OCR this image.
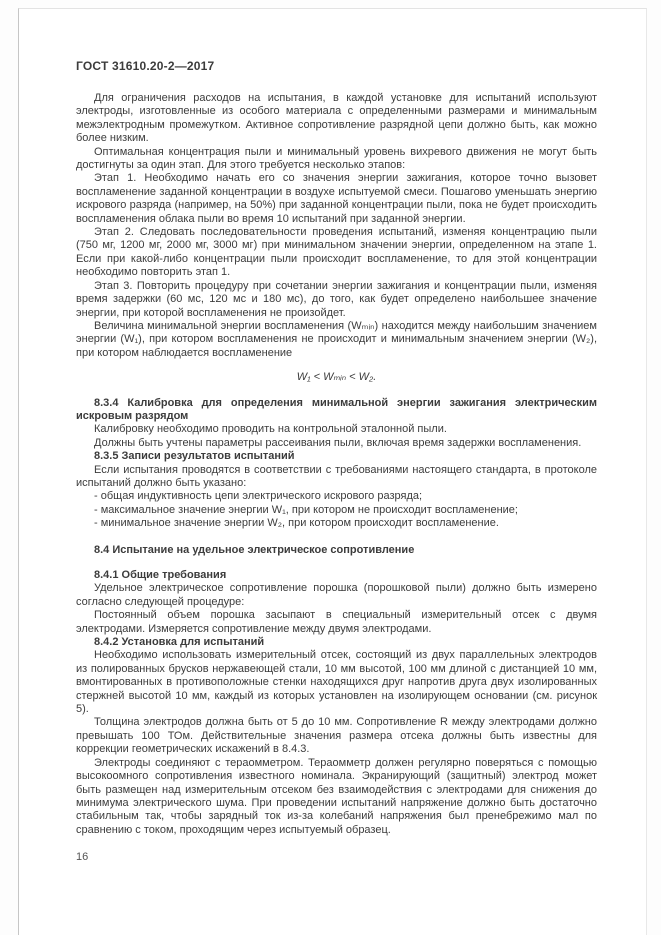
ГОСТ 31610.20-2—2017

Для ограничения расходов на испытания, в каждой установке для испытаний используют электроды, изготовленные из особого материала с определенными размерами и минимальным межэлектродным промежутком. Активное сопротивление разрядной цепи должно быть, как можно более низким.

Оптимальная концентрация пыли и минимальный уровень вихревого движения не могут быть достигнуты за один этап. Для этого требуется несколько этапов:

Этап 1. Необходимо начать его со значения энергии зажигания, которое точно вызовет воспламенение заданной концентрации в воздухе испытуемой смеси. Пошагово уменьшать энергию искрового разряда (например, на 50%) при заданной концентрации пыли, пока не будет происходить воспламенения облака пыли во время 10 испытаний при заданной энергии.

Этап 2. Следовать последовательности проведения испытаний, изменяя концентрацию пыли (750 мг, 1200 мг, 2000 мг, 3000 мг) при минимальном значении энергии, определенном на этапе 1. Если при какой-либо концентрации пыли происходит воспламенение, то для этой концентрации необходимо повторить этап 1.

Этап 3. Повторить процедуру при сочетании энергии зажигания и концентрации пыли, изменяя время задержки (60 мс, 120 мс и 180 мс), до того, как будет определено наибольшее значение энергии, при которой воспламенения не произойдет.

Величина минимальной энергии воспламенения (Wₘᵢₙ) находится между наибольшим значением энергии (W₁), при котором воспламенения не происходит и минимальным значением энергии (W₂), при котором наблюдается воспламенение

W₁ < Wₘᵢₙ < W₂.

8.3.4 Калибровка для определения минимальной энергии зажигания электрическим искровым разрядом

Калибровку необходимо проводить на контрольной эталонной пыли.

Должны быть учтены параметры рассеивания пыли, включая время задержки воспламенения.

8.3.5 Записи результатов испытаний

Если испытания проводятся в соответствии с требованиями настоящего стандарта, в протоколе испытаний должно быть указано:

- общая индуктивность цепи электрического искрового разряда;

- максимальное значение энергии W₁, при котором не происходит воспламенение;

- минимальное значение энергии W₂, при котором происходит воспламенение.

8.4 Испытание на удельное электрическое сопротивление

8.4.1 Общие требования

Удельное электрическое сопротивление порошка (порошковой пыли) должно быть измерено согласно следующей процедуре:

Постоянный объем порошка засыпают в специальный измерительный отсек с двумя электродами. Измеряется сопротивление между двумя электродами.

8.4.2 Установка для испытаний

Необходимо использовать измерительный отсек, состоящий из двух параллельных электродов из полированных брусков нержавеющей стали, 10 мм высотой, 100 мм длиной с дистанцией 10 мм, вмонтированных в противоположные стенки находящихся друг напротив друга двух изолированных стержней высотой 10 мм, каждый из которых установлен на изолирующем основании (см. рисунок 5).

Толщина электродов должна быть от 5 до 10 мм. Сопротивление R между электродами должно превышать 100 ТОм. Действительные значения размера отсека должны быть известны для коррекции геометрических искажений в 8.4.3.

Электроды соединяют с тераомметром. Тераомметр должен регулярно поверяться с помощью высокоомного сопротивления известного номинала. Экранирующий (защитный) электрод может быть размещен над измерительным отсеком без взаимодействия с электродами для снижения до минимума электрического шума. При проведении испытаний напряжение должно быть достаточно стабильным так, чтобы зарядный ток из-за колебаний напряжения был пренебрежимо мал по сравнению с током, проходящим через испытуемый образец.

16
